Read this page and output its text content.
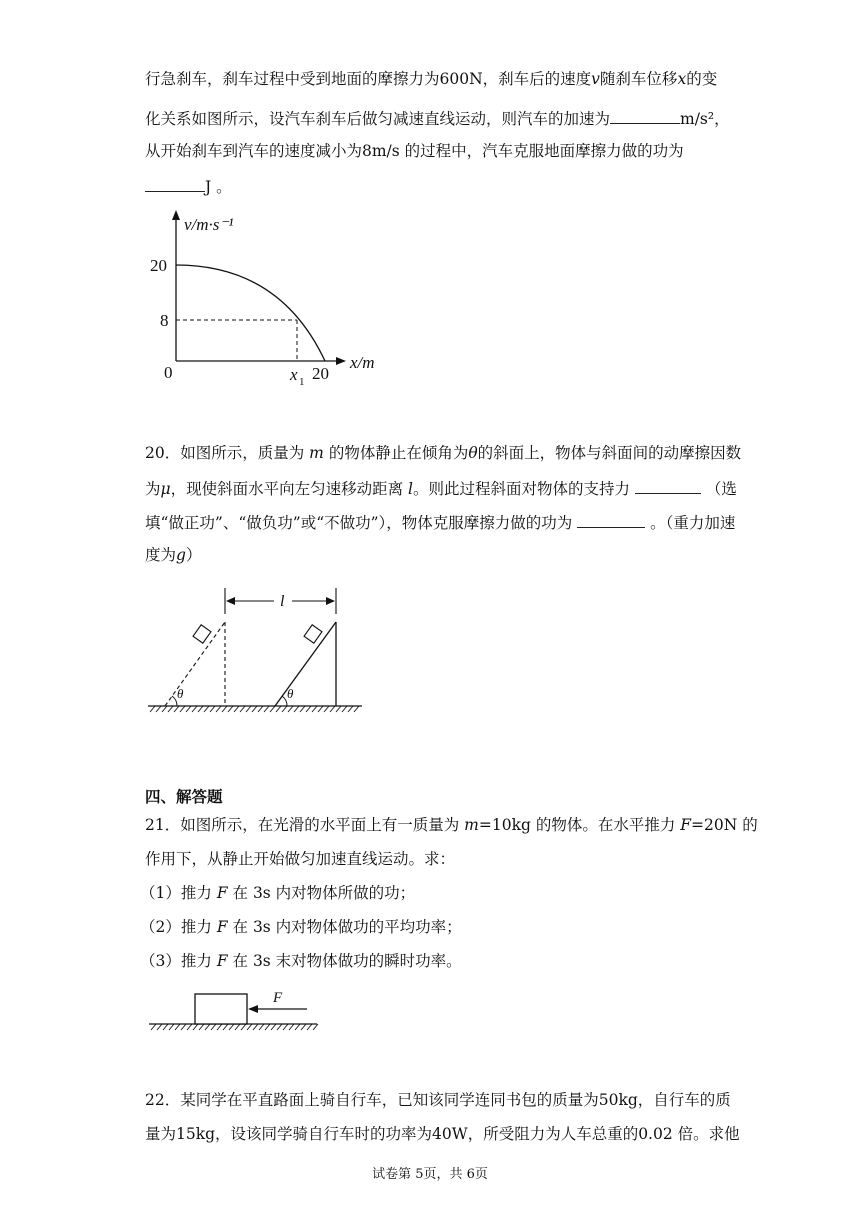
行急刹车，刹车过程中受到地面的摩擦力为600N，刹车后的速度v随刹车位移x的变
化关系如图所示，设汽车刹车后做匀减速直线运动，则汽车的加速为	m/s²，
从开始刹车到汽车的速度减小为8m/s 的过程中，汽车克服地面摩擦力做的功为
J 。
v/m·s⁻¹
20
8
0	x 1 20
x/m
20．如图所示，质量为 m 的物体静止在倾角为θ的斜面上，物体与斜面间的动摩擦因数
为μ，现使斜面水平向左匀速移动距离 l。则此过程斜面对物体的支持力	（选
填“做正功”、“做负功”或“不做功”），物体克服摩擦力做的功为	。（重力加速
度为g）
θ	θ
l
四、解答题
21．如图所示，在光滑的水平面上有一质量为 m=10kg 的物体。在水平推力 F=20N 的
作用下，从静止开始做匀加速直线运动。求：
（1）推力 F 在 3s 内对物体所做的功；
（2）推力 F 在 3s 内对物体做功的平均功率；
（3）推力 F 在 3s 末对物体做功的瞬时功率。
F
22．某同学在平直路面上骑自行车，已知该同学连同书包的质量为50kg，自行车的质
量为15kg，设该同学骑自行车时的功率为40W，所受阻力为人车总重的0.02 倍。求他
试卷第 5页，共 6页
